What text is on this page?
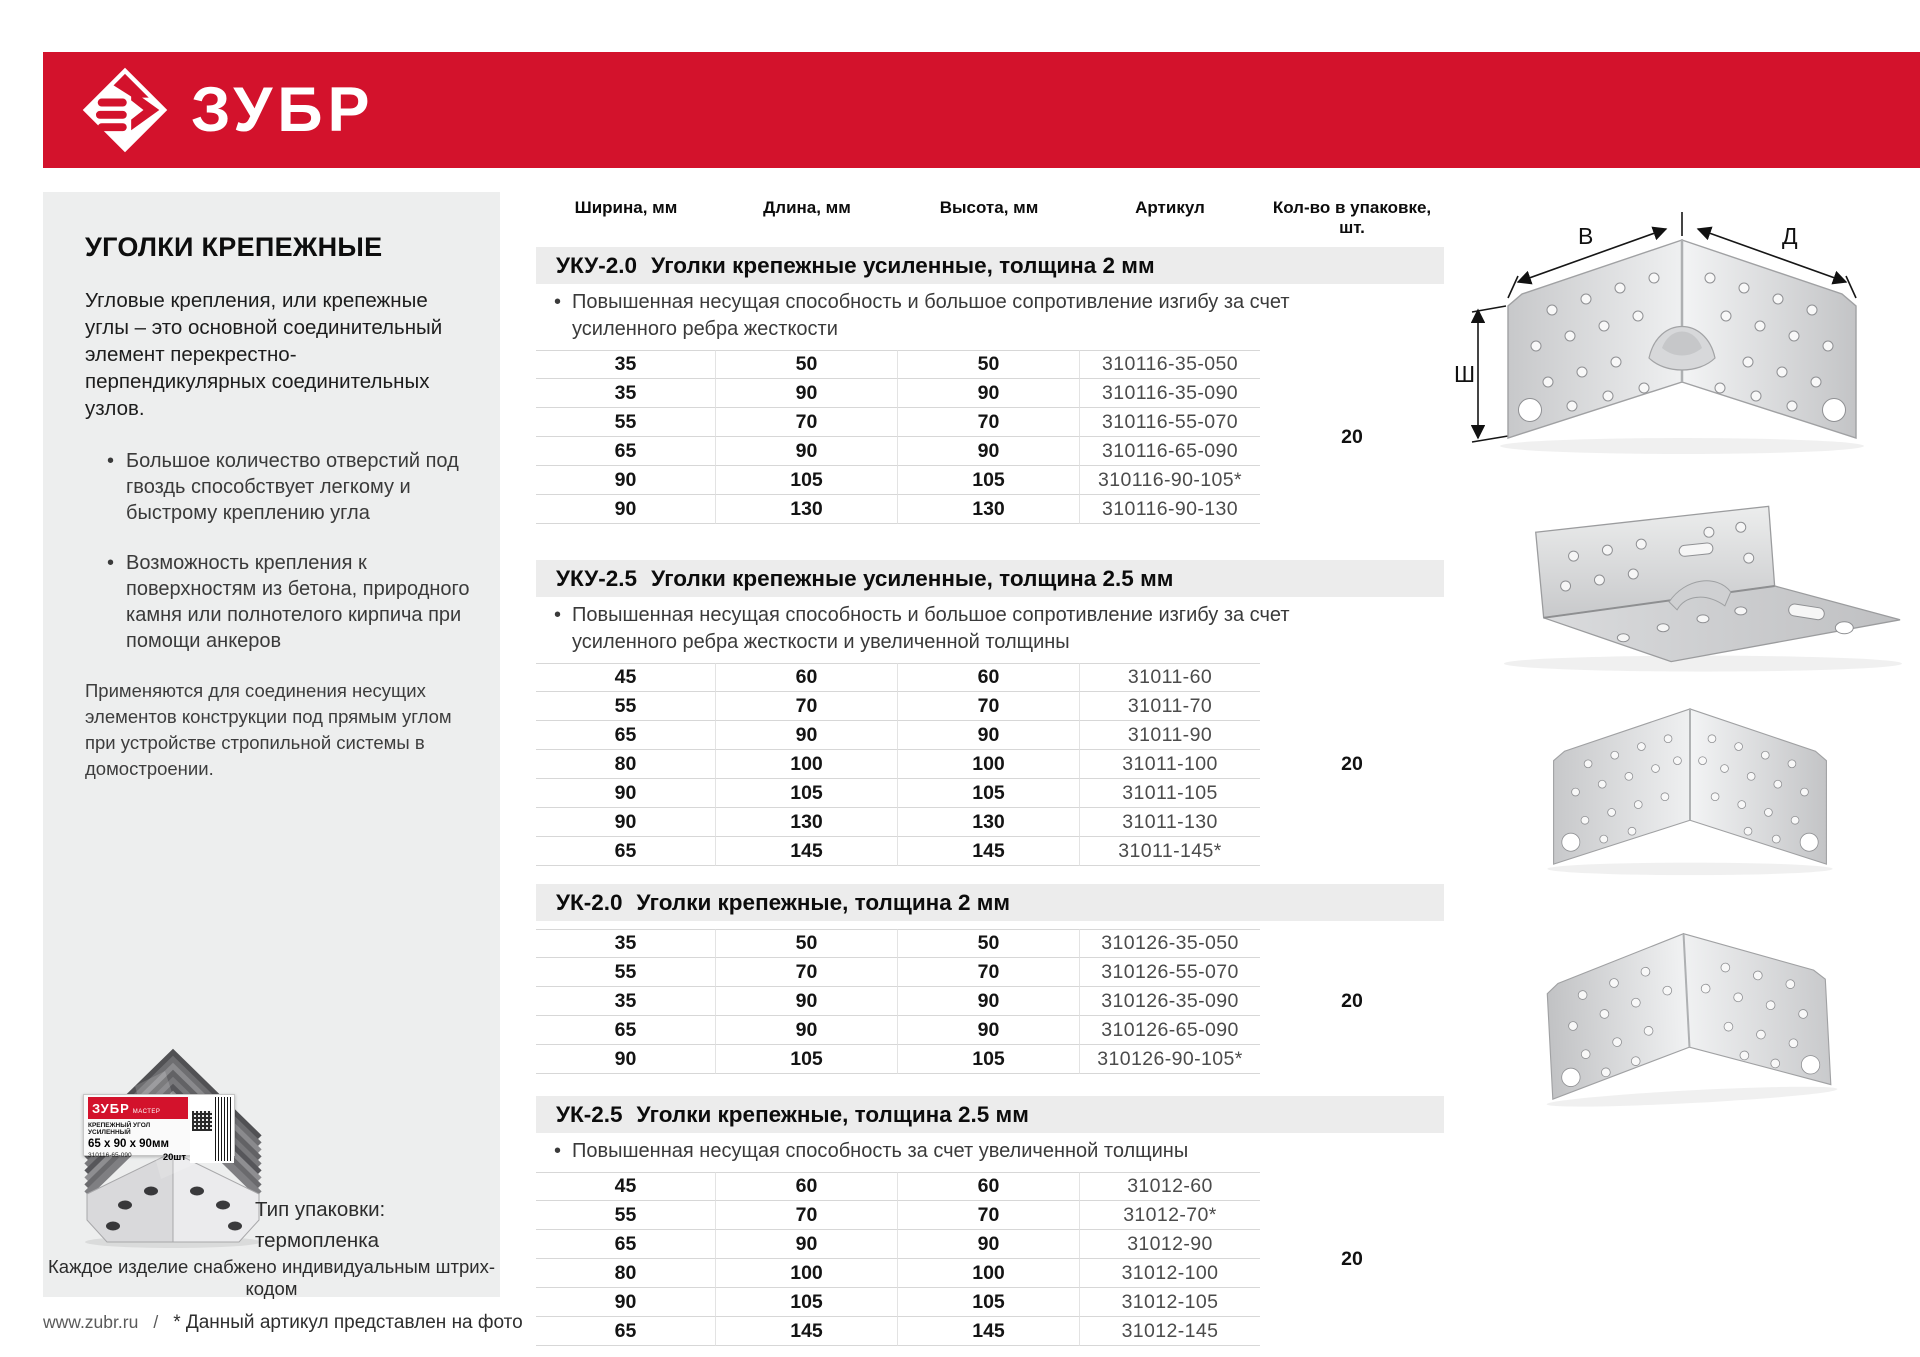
ЗУБР
УГОЛКИ КРЕПЕЖНЫЕ

Угловые крепления, или крепежные углы – это основной соединительный элемент перекрестно-перпендикулярных соединительных узлов.

• Большое количество отверстий под гвоздь способствует легкому и быстрому креплению угла
• Возможность крепления к поверхностям из бетона, природного камня или полнотелого кирпича при помощи анкеров

Применяются для соединения несущих элементов конструкции под прямым углом при устройстве стропильной системы в домостроении.

ЗУБР МАСТЕР
КРЕПЕЖНЫЙ УГОЛ УСИЛЕННЫЙ
65 x 90 x 90мм
310116-65-090	20шт
Тип упаковки:
термопленка
Каждое изделие снабжено индивидуальным штрих-кодом
Ширина, мм	Длина, мм	Высота, мм	Артикул	Кол-во в упаковке, шт.
УКУ-2.0 Уголки крепежные усиленные, толщина 2 мм
• Повышенная несущая способность и большое сопротивление изгибу за счет усиленного ребра жесткости
35	50	50	310116-35-050
35	90	90	310116-35-090
55	70	70	310116-55-070
65	90	90	310116-65-090
90	105	105	310116-90-105*
90	130	130	310116-90-130
20
УКУ-2.5 Уголки крепежные усиленные, толщина 2.5 мм
• Повышенная несущая способность и большое сопротивление изгибу за счет усиленного ребра жесткости и увеличенной толщины
45	60	60	31011-60
55	70	70	31011-70
65	90	90	31011-90
80	100	100	31011-100
90	105	105	31011-105
90	130	130	31011-130
65	145	145	31011-145*
20
УК-2.0 Уголки крепежные, толщина 2 мм
35	50	50	310126-35-050
55	70	70	310126-55-070
35	90	90	310126-35-090
65	90	90	310126-65-090
90	105	105	310126-90-105*
20
УК-2.5 Уголки крепежные, толщина 2.5 мм
• Повышенная несущая способность за счет увеличенной толщины
45	60	60	31012-60
55	70	70	31012-70*
65	90	90	31012-90
80	100	100	31012-100
90	105	105	31012-105
65	145	145	31012-145
20
В	Д
Ш
www.zubr.ru / * Данный артикул представлен на фото
